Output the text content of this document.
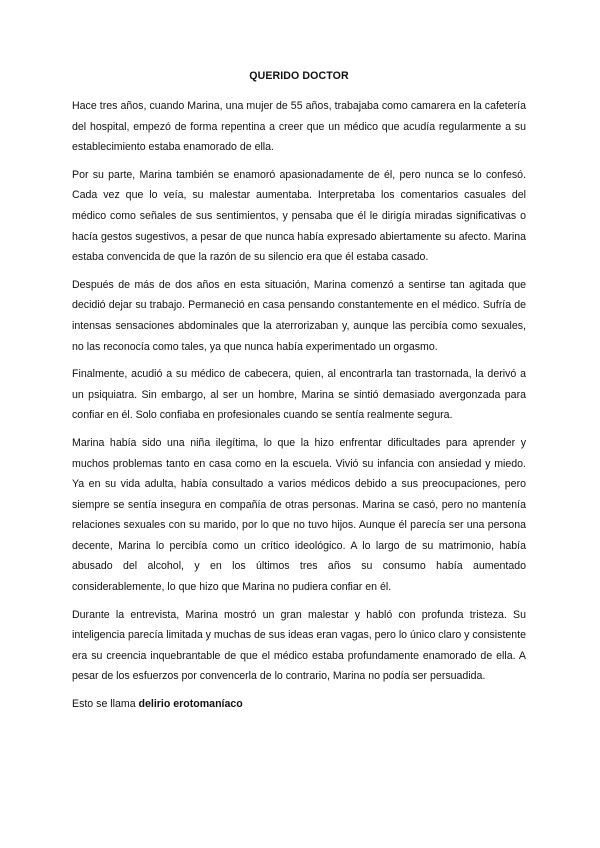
QUERIDO DOCTOR

Hace tres años, cuando Marina, una mujer de 55 años, trabajaba como camarera en la cafetería del hospital, empezó de forma repentina a creer que un médico que acudía regularmente a su establecimiento estaba enamorado de ella.

Por su parte, Marina también se enamoró apasionadamente de él, pero nunca se lo confesó. Cada vez que lo veía, su malestar aumentaba. Interpretaba los comentarios casuales del médico como señales de sus sentimientos, y pensaba que él le dirigía miradas significativas o hacía gestos sugestivos, a pesar de que nunca había expresado abiertamente su afecto. Marina estaba convencida de que la razón de su silencio era que él estaba casado.

Después de más de dos años en esta situación, Marina comenzó a sentirse tan agitada que decidió dejar su trabajo. Permaneció en casa pensando constantemente en el médico. Sufría de intensas sensaciones abdominales que la aterrorizaban y, aunque las percibía como sexuales, no las reconocía como tales, ya que nunca había experimentado un orgasmo.

Finalmente, acudió a su médico de cabecera, quien, al encontrarla tan trastornada, la derivó a un psiquiatra. Sin embargo, al ser un hombre, Marina se sintió demasiado avergonzada para confiar en él. Solo confiaba en profesionales cuando se sentía realmente segura.

Marina había sido una niña ilegítima, lo que la hizo enfrentar dificultades para aprender y muchos problemas tanto en casa como en la escuela. Vivió su infancia con ansiedad y miedo. Ya en su vida adulta, había consultado a varios médicos debido a sus preocupaciones, pero siempre se sentía insegura en compañía de otras personas. Marina se casó, pero no mantenía relaciones sexuales con su marido, por lo que no tuvo hijos. Aunque él parecía ser una persona decente, Marina lo percibía como un crítico ideológico. A lo largo de su matrimonio, había abusado del alcohol, y en los últimos tres años su consumo había aumentado considerablemente, lo que hizo que Marina no pudiera confiar en él.

Durante la entrevista, Marina mostró un gran malestar y habló con profunda tristeza. Su inteligencia parecía limitada y muchas de sus ideas eran vagas, pero lo único claro y consistente era su creencia inquebrantable de que el médico estaba profundamente enamorado de ella. A pesar de los esfuerzos por convencerla de lo contrario, Marina no podía ser persuadida.

Esto se llama delirio erotomaníaco
